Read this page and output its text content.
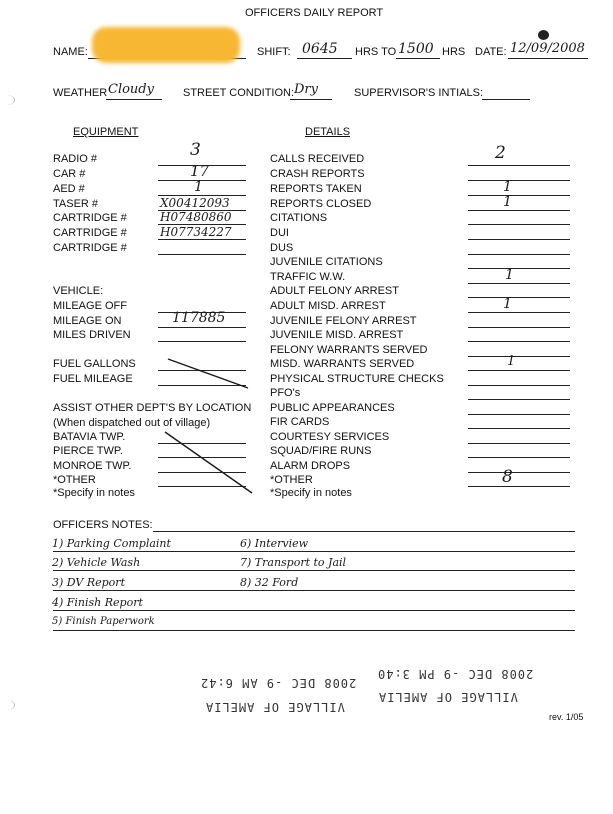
OFFICERS DAILY REPORT
NAME:	SHIFT: 0645 HRS TO 1500 HRS DATE: 12/09/2008
WEATHER Cloudy	STREET CONDITION: Dry	SUPERVISOR'S INTIALS:
EQUIPMENT	DETAILS
RADIO #	3
CAR #	17
AED #	1
TASER #	X00412093
CARTRIDGE #	H07480860
CARTRIDGE #	H07734227
CARTRIDGE #
VEHICLE:
MILEAGE OFF
MILEAGE ON	117885
MILES DRIVEN
FUEL GALLONS
FUEL MILEAGE
ASSIST OTHER DEPT'S BY LOCATION
(When dispatched out of village)
BATAVIA TWP.
PIERCE TWP.
MONROE TWP.
*OTHER
*Specify in notes
CALLS RECEIVED	2
CRASH REPORTS
REPORTS TAKEN	1
REPORTS CLOSED	1
CITATIONS
DUI
DUS
JUVENILE CITATIONS
TRAFFIC W.W.	1
ADULT FELONY ARREST
ADULT MISD. ARREST	1
JUVENILE FELONY ARREST
JUVENILE MISD. ARREST
FELONY WARRANTS SERVED
MISD. WARRANTS SERVED	1
PHYSICAL STRUCTURE CHECKS
PFO's
PUBLIC APPEARANCES
FIR CARDS
COURTESY SERVICES
SQUAD/FIRE RUNS
ALARM DROPS
*OTHER	8
*Specify in notes
OFFICERS NOTES:
1) Parking Complaint
2) Vehicle Wash
3) DV Report
4) Finish Report
5) Finish Paperwork
6) Interview
7) Transport to Jail
8) 32 Ford
2008 DEC -9 AM 6:42
VILLAGE OF AMELIA
2008 DEC -9 PM 3:40
VILLAGE OF AMELIA
rev. 1/05
